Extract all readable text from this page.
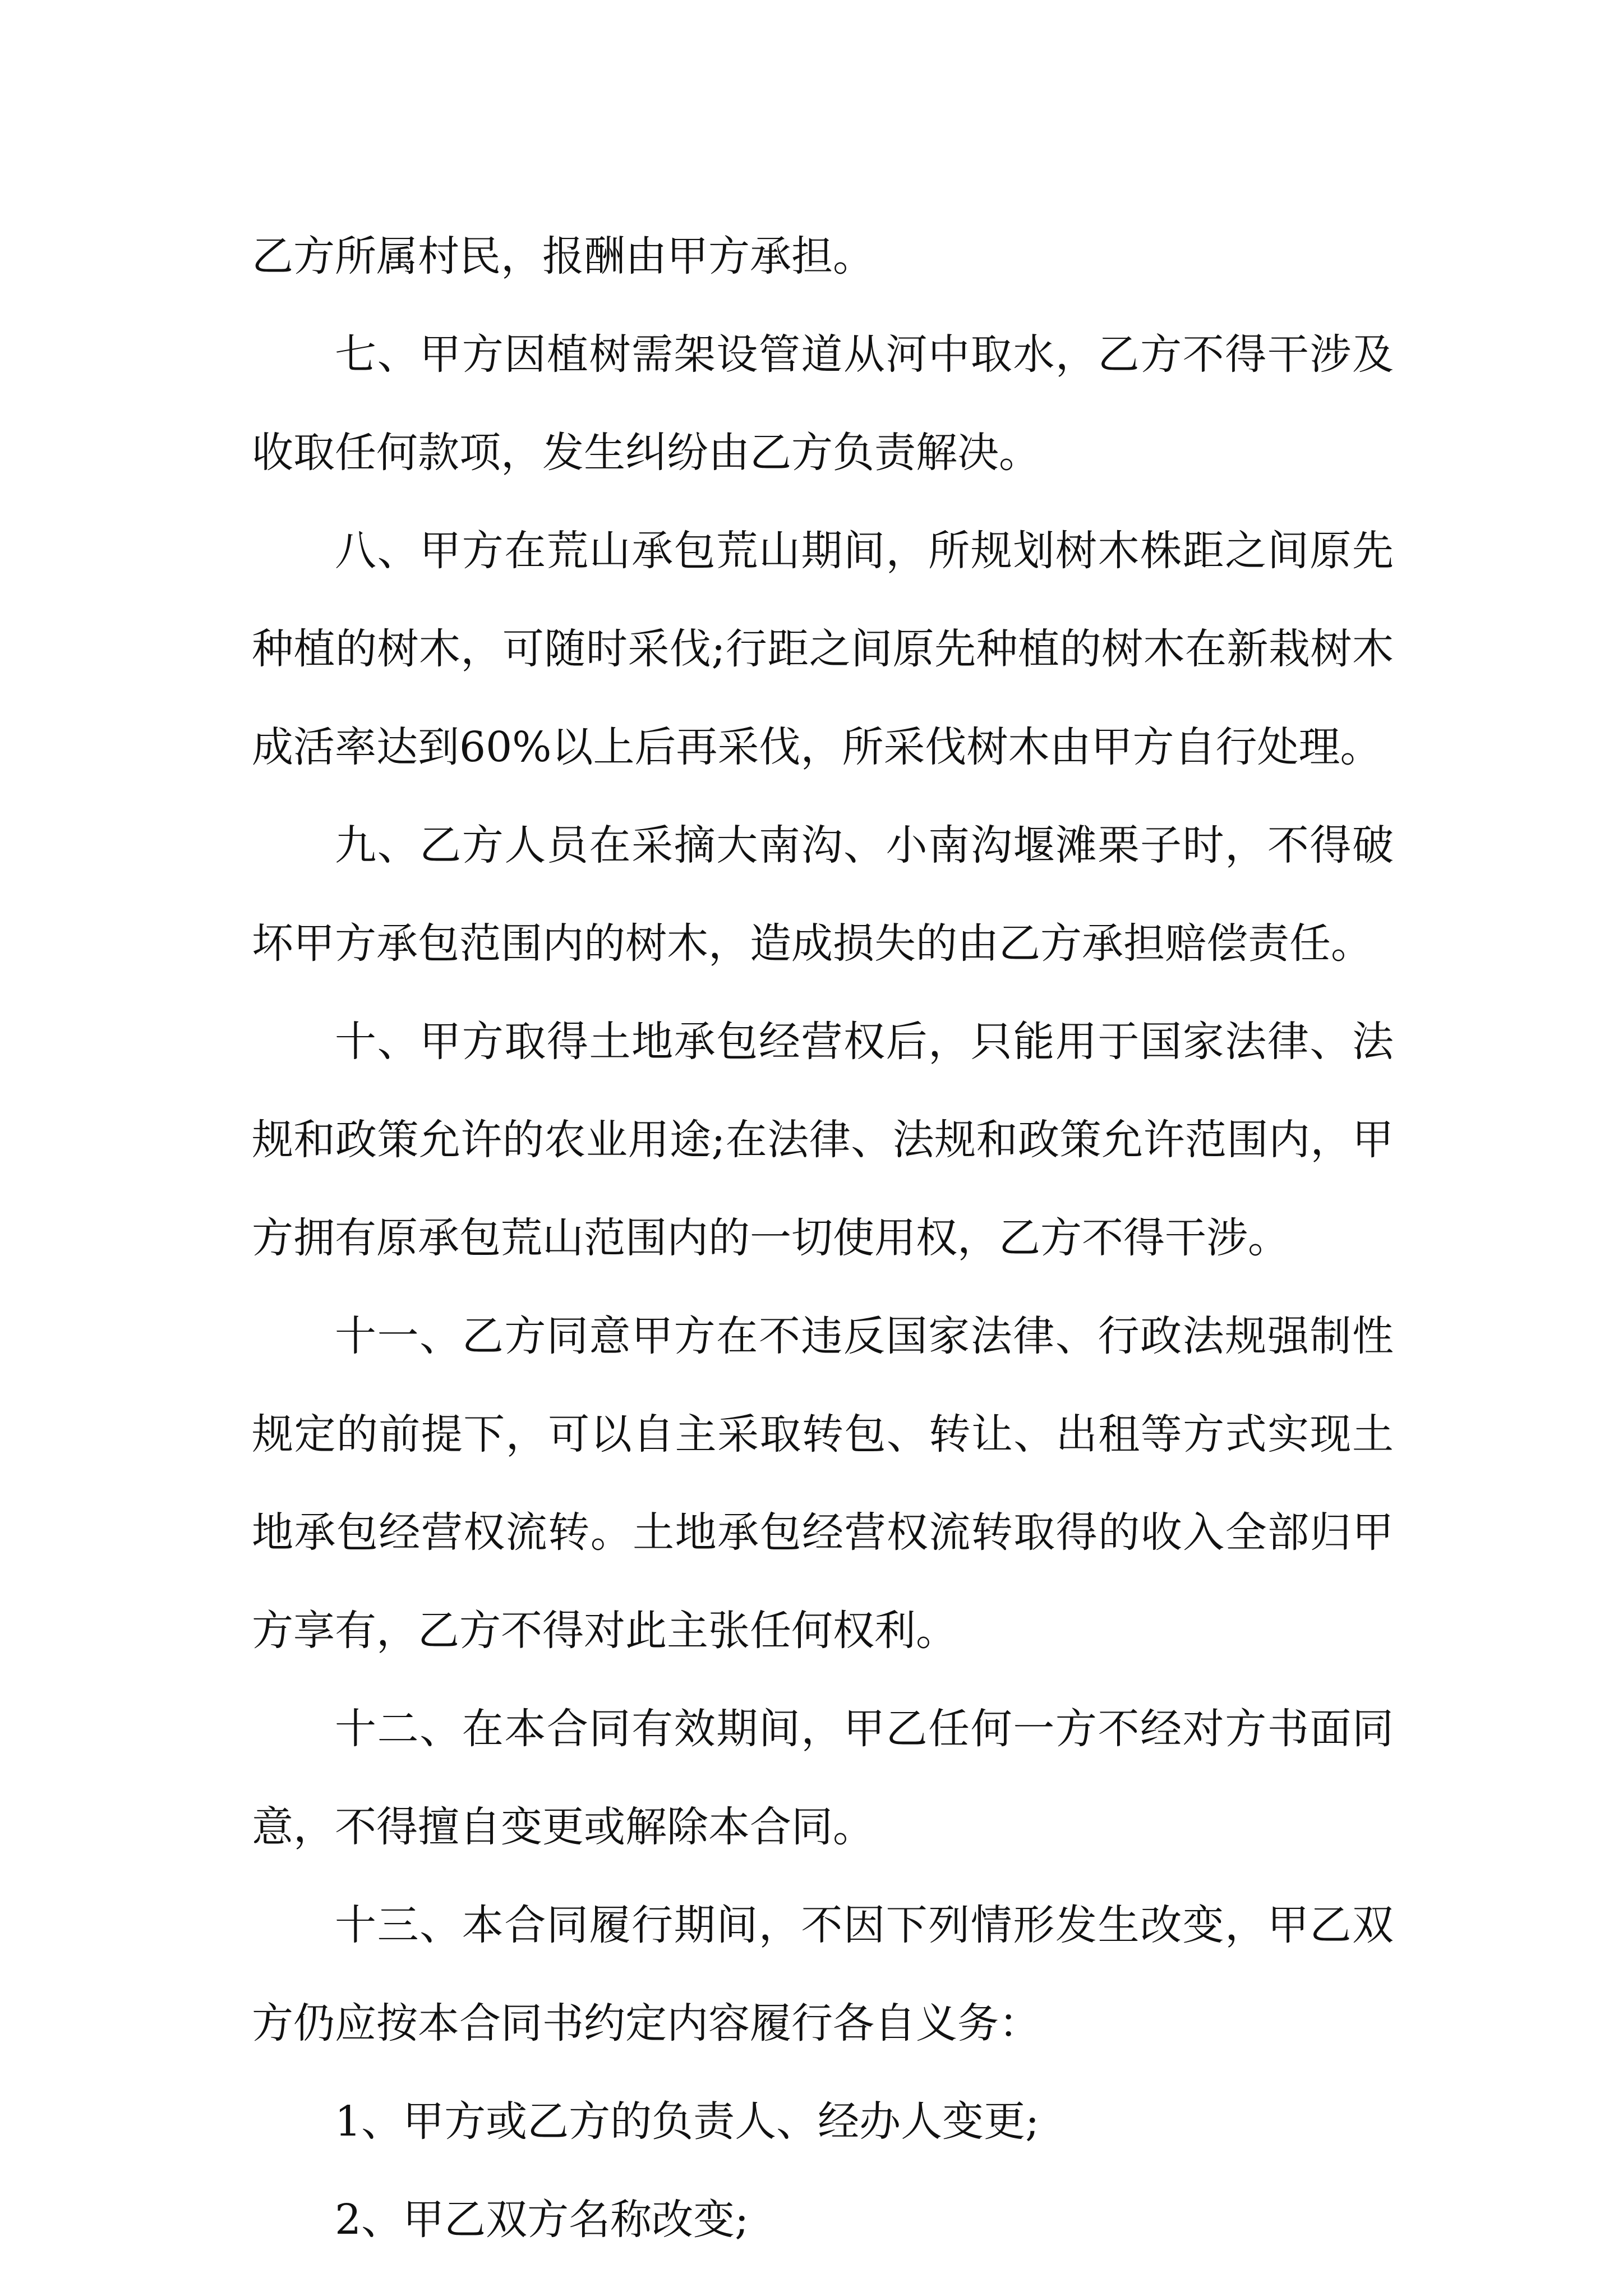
乙方所属村民，报酬由甲方承担。

七、甲方因植树需架设管道从河中取水，乙方不得干涉及收取任何款项，发生纠纷由乙方负责解决。

八、甲方在荒山承包荒山期间，所规划树木株距之间原先种植的树木，可随时采伐;行距之间原先种植的树木在新栽树木成活率达到60%以上后再采伐，所采伐树木由甲方自行处理。

九、乙方人员在采摘大南沟、小南沟堰滩栗子时，不得破坏甲方承包范围内的树木，造成损失的由乙方承担赔偿责任。

十、甲方取得土地承包经营权后，只能用于国家法律、法规和政策允许的农业用途;在法律、法规和政策允许范围内，甲方拥有原承包荒山范围内的一切使用权，乙方不得干涉。

十一、乙方同意甲方在不违反国家法律、行政法规强制性规定的前提下，可以自主采取转包、转让、出租等方式实现土地承包经营权流转。土地承包经营权流转取得的收入全部归甲方享有，乙方不得对此主张任何权利。

十二、在本合同有效期间，甲乙任何一方不经对方书面同意，不得擅自变更或解除本合同。

十三、本合同履行期间，不因下列情形发生改变，甲乙双方仍应按本合同书约定内容履行各自义务：

1、甲方或乙方的负责人、经办人变更;

2、甲乙双方名称改变;
